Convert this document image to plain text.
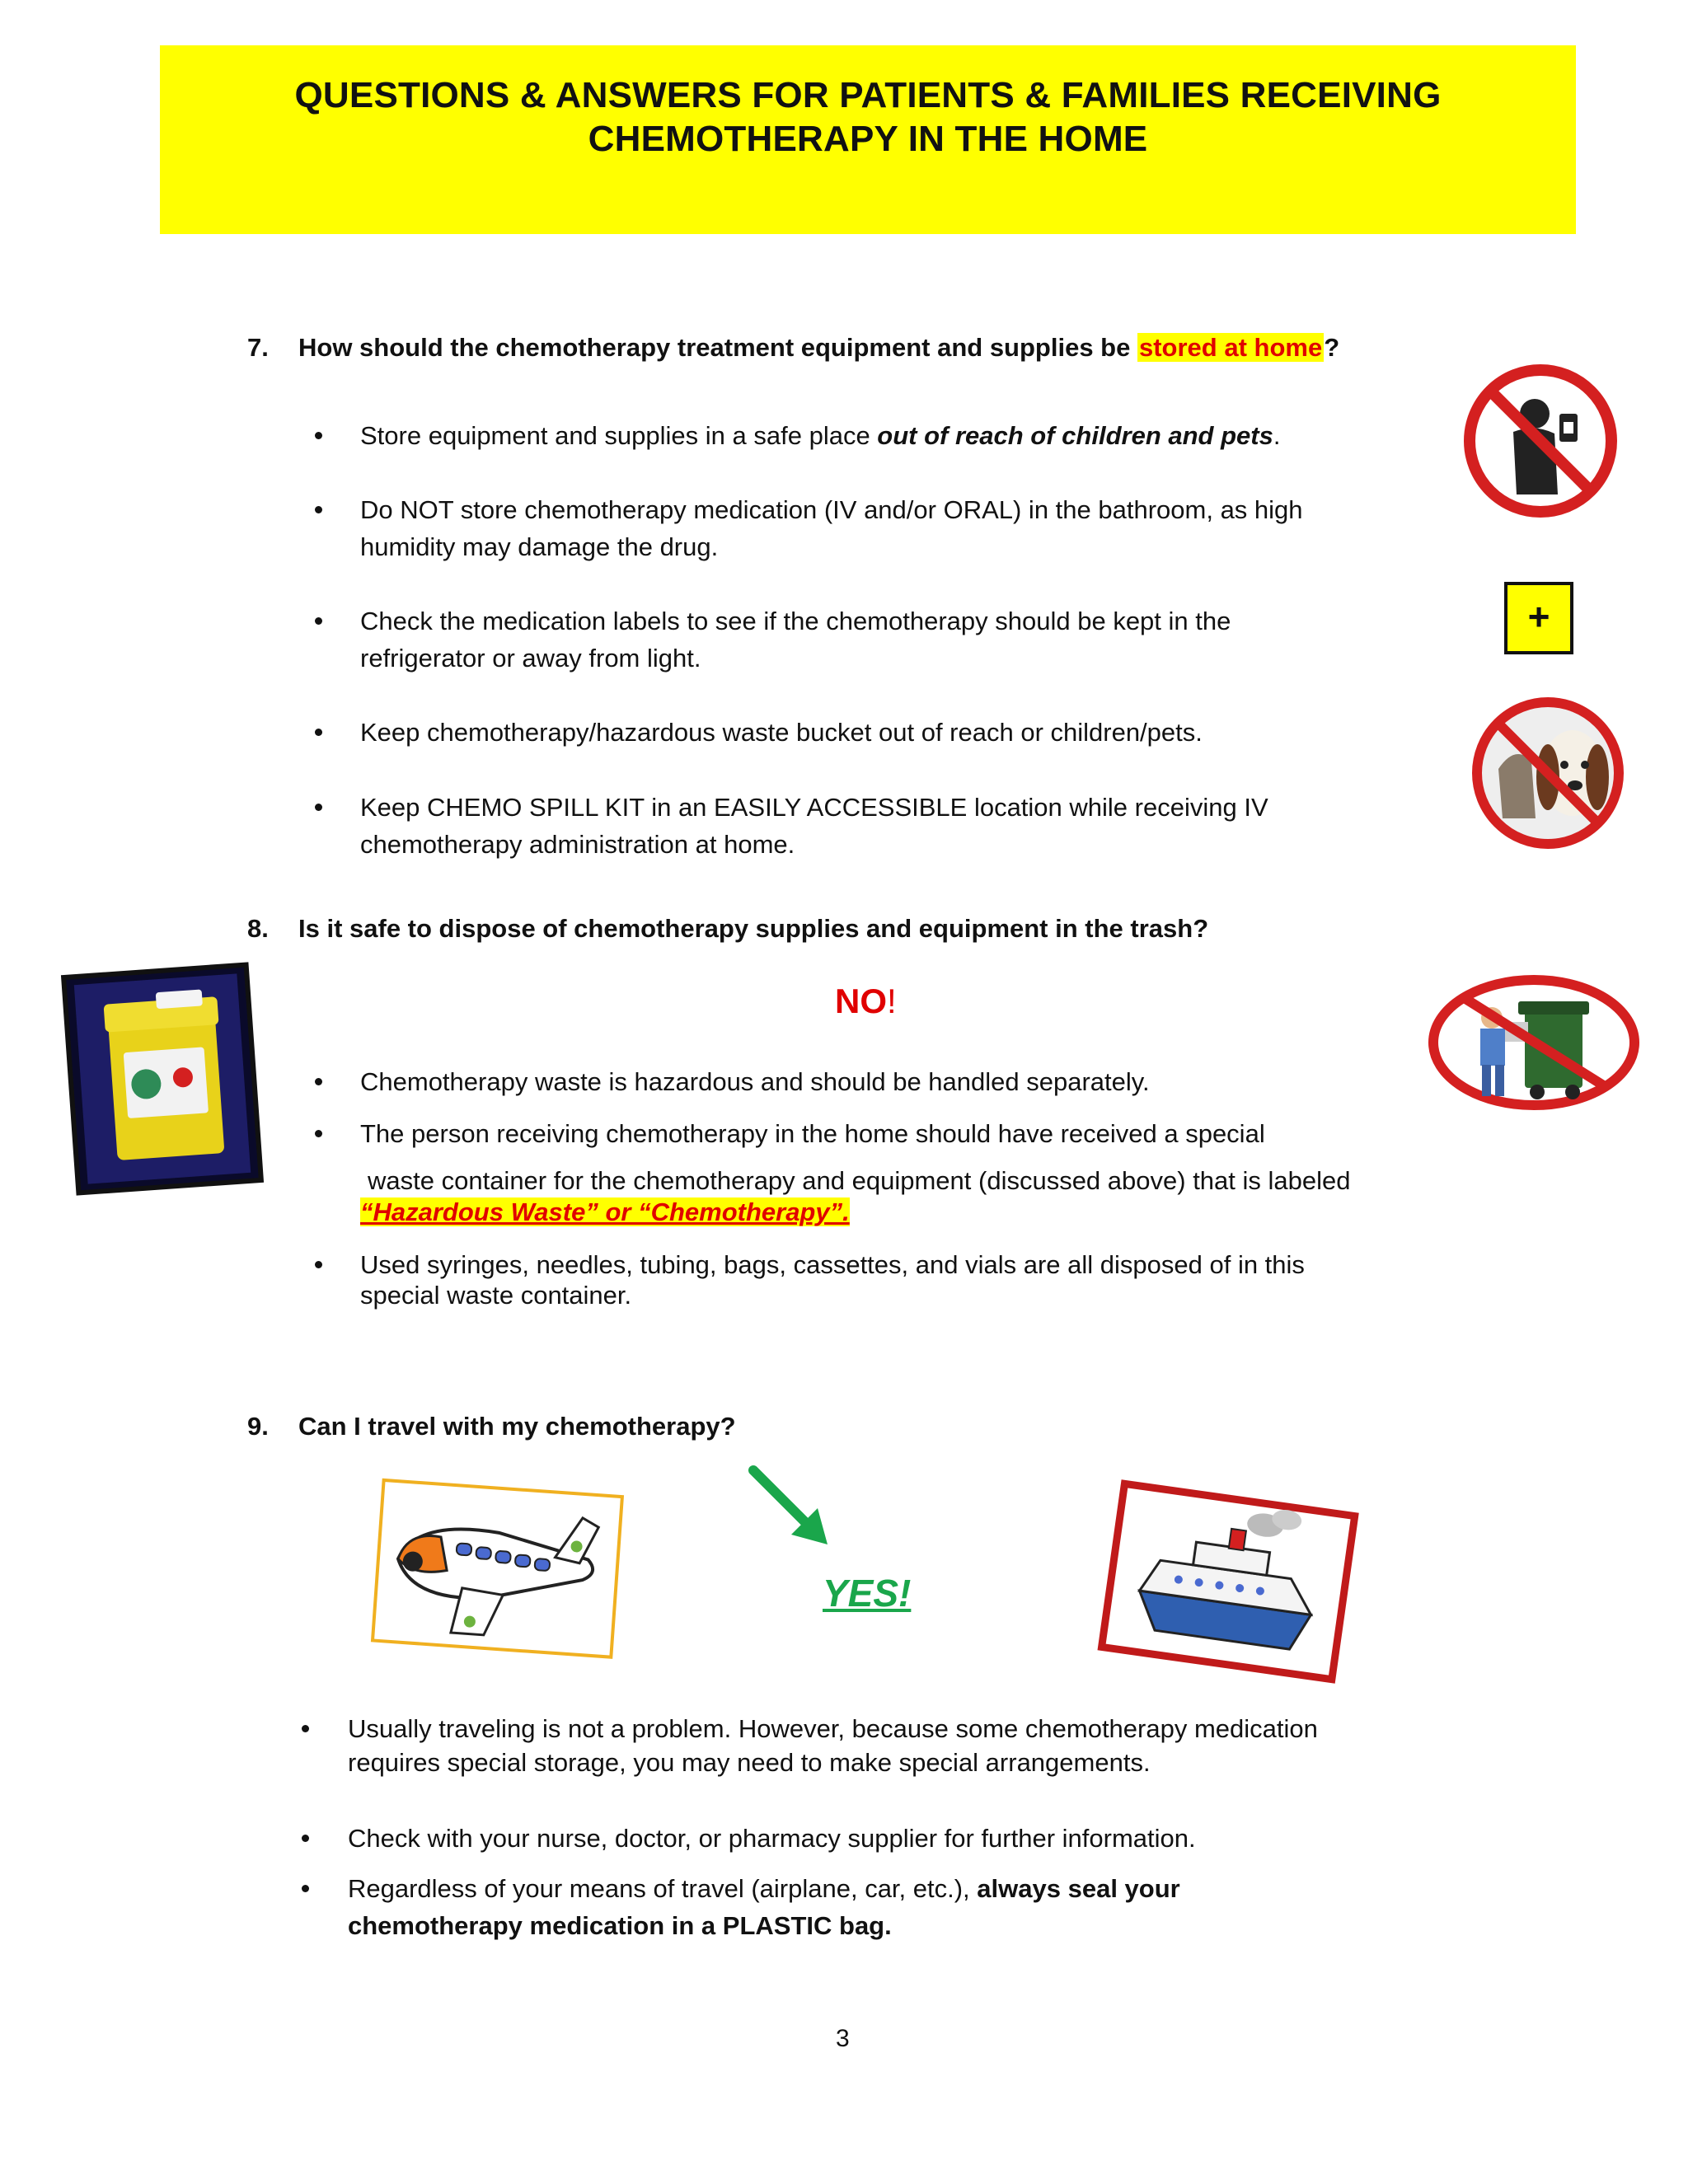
QUESTIONS & ANSWERS FOR PATIENTS & FAMILIES RECEIVING
CHEMOTHERAPY IN THE HOME
7. How should the chemotherapy treatment equipment and supplies be stored at home?
Store equipment and supplies in a safe place out of reach of children and pets.
Do NOT store chemotherapy medication (IV and/or ORAL) in the bathroom, as high
humidity may damage the drug.
Check the medication labels to see if the chemotherapy should be kept in the
refrigerator or away from light.
Keep chemotherapy/hazardous waste bucket out of reach or children/pets.
Keep CHEMO SPILL KIT in an EASILY ACCESSIBLE location while receiving IV
chemotherapy administration at home.
+
8. Is it safe to dispose of chemotherapy supplies and equipment in the trash?
NO!
Chemotherapy waste is hazardous and should be handled separately.
The person receiving chemotherapy in the home should have received a special
waste container for the chemotherapy and equipment (discussed above) that is labeled
“Hazardous Waste” or “Chemotherapy”.
Used syringes, needles, tubing, bags, cassettes, and vials are all disposed of in this
special waste container.
9. Can I travel with my chemotherapy?
YES!
Usually traveling is not a problem. However, because some chemotherapy medication
requires special storage, you may need to make special arrangements.
Check with your nurse, doctor, or pharmacy supplier for further information.
Regardless of your means of travel (airplane, car, etc.), always seal your
chemotherapy medication in a PLASTIC bag.
3
